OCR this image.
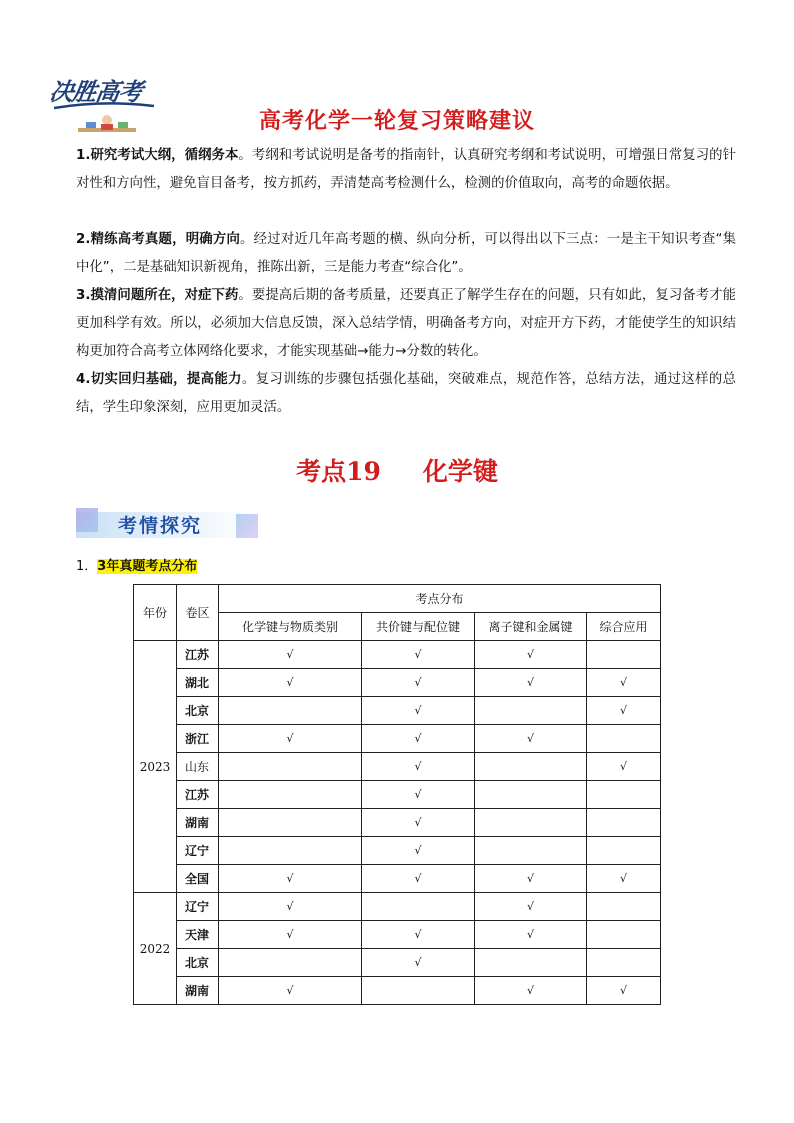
决胜高考
高考化学一轮复习策略建议
1.研究考试大纲，循纲务本。考纲和考试说明是备考的指南针，认真研究考纲和考试说明，可增强日常复习的针对性和方向性，避免盲目备考，按方抓药，弄清楚高考检测什么，检测的价值取向，高考的命题依据。
2.精练高考真题，明确方向。经过对近几年高考题的横、纵向分析，可以得出以下三点：一是主干知识考查“集中化”，二是基础知识新视角，推陈出新，三是能力考查“综合化”。
3.摸清问题所在，对症下药。要提高后期的备考质量，还要真正了解学生存在的问题，只有如此，复习备考才能更加科学有效。所以，必须加大信息反馈，深入总结学情，明确备考方向，对症开方下药，才能使学生的知识结构更加符合高考立体网络化要求，才能实现基础→能力→分数的转化。
4.切实回归基础，提高能力。复习训练的步骤包括强化基础，突破难点，规范作答，总结方法，通过这样的总结，学生印象深刻，应用更加灵活。
考点19 化学键
考情探究
1．3年真题考点分布
年份	卷区	考点分布			
		化学键与物质类别	共价键与配位键	离子键和金属键	综合应用
2023	江苏	√	√	√	
	湖北	√	√	√	√
	北京		√		√
	浙江	√	√	√	
	山东		√		√
	江苏		√		
	湖南		√		
	辽宁		√		
	全国	√	√	√	√
2022	辽宁	√		√	
	天津	√	√	√	
	北京		√		
	湖南	√		√	√
